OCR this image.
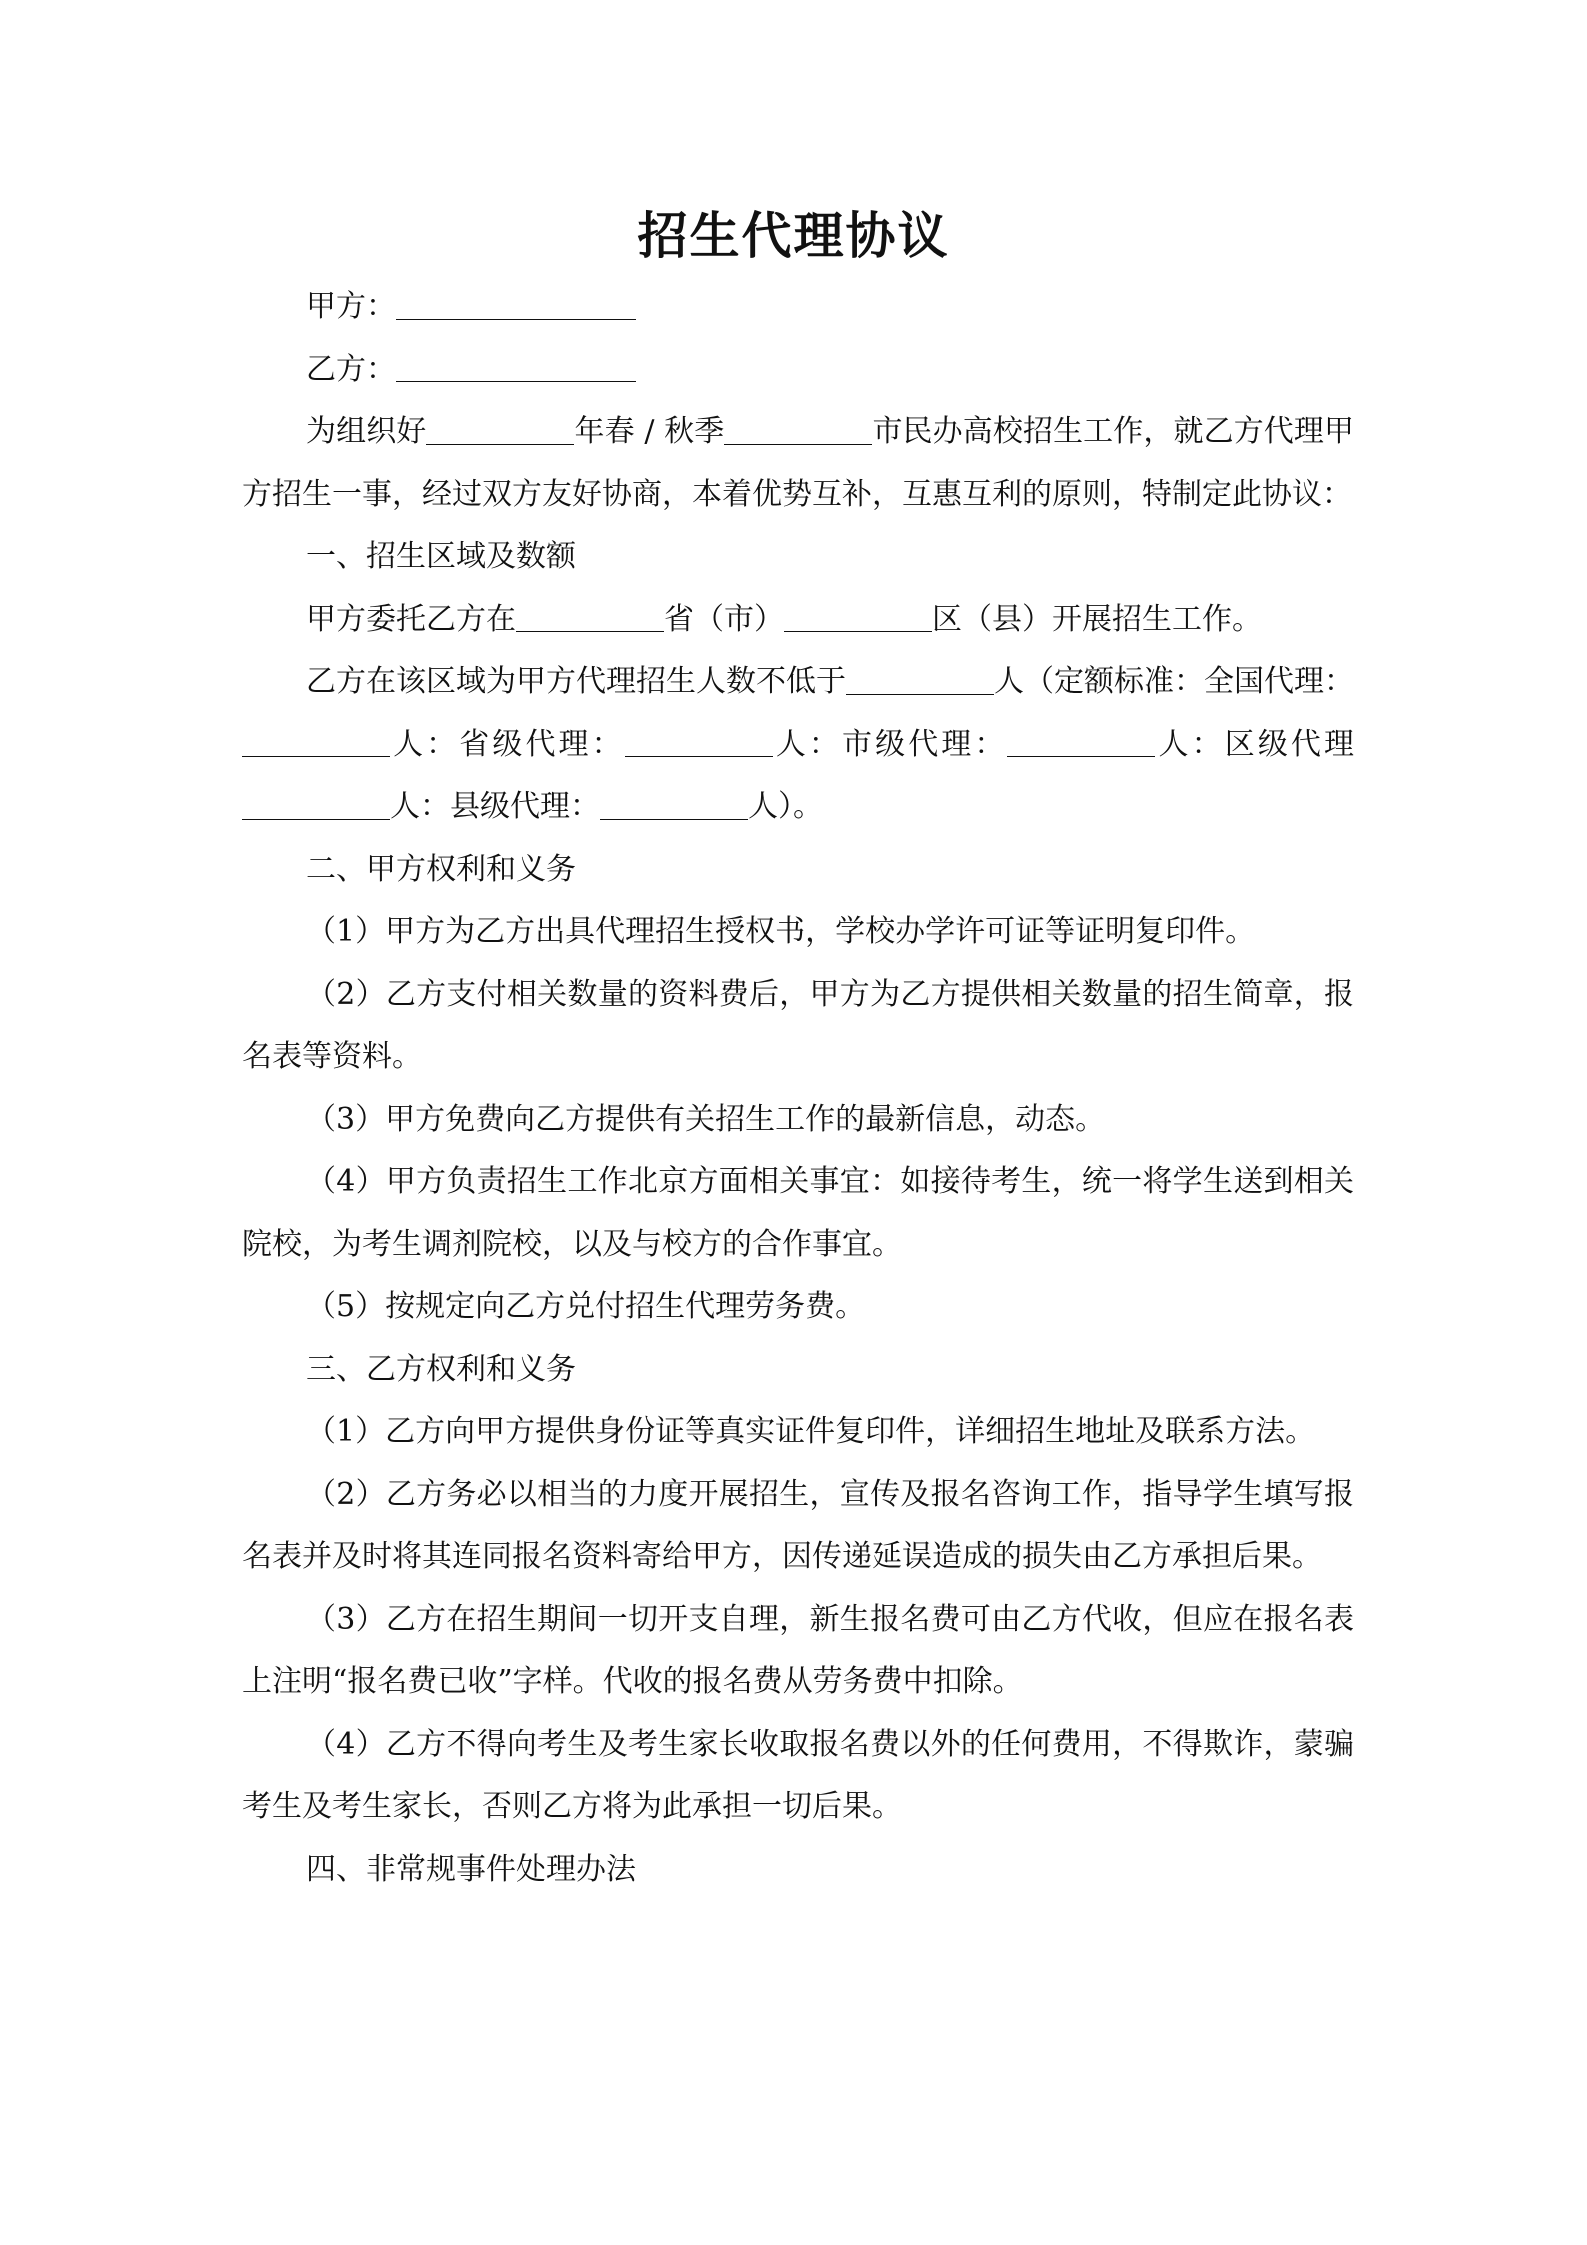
招生代理协议

甲方：

乙方：

为组织好	年春 / 秋季	市民办高校招生工作，就乙方代理甲方招生一事，经过双方友好协商，本着优势互补，互惠互利的原则，特制定此协议：

一、招生区域及数额

甲方委托乙方在	省（市）	区（县）开展招生工作。

乙方在该区域为甲方代理招生人数不低于	人（定额标准：全国代理：人：省级代理：	人：市级代理：	人：区级代理人：县级代理：	人）。

二、甲方权利和义务

（1）甲方为乙方出具代理招生授权书，学校办学许可证等证明复印件。

（2）乙方支付相关数量的资料费后，甲方为乙方提供相关数量的招生简章，报名表等资料。

（3）甲方免费向乙方提供有关招生工作的最新信息，动态。

（4）甲方负责招生工作北京方面相关事宜：如接待考生，统一将学生送到相关院校，为考生调剂院校，以及与校方的合作事宜。

（5）按规定向乙方兑付招生代理劳务费。

三、乙方权利和义务

（1）乙方向甲方提供身份证等真实证件复印件，详细招生地址及联系方法。

（2）乙方务必以相当的力度开展招生，宣传及报名咨询工作，指导学生填写报名表并及时将其连同报名资料寄给甲方，因传递延误造成的损失由乙方承担后果。

（3）乙方在招生期间一切开支自理，新生报名费可由乙方代收，但应在报名表上注明“报名费已收”字样。代收的报名费从劳务费中扣除。

（4）乙方不得向考生及考生家长收取报名费以外的任何费用，不得欺诈，蒙骗考生及考生家长，否则乙方将为此承担一切后果。

四、非常规事件处理办法
